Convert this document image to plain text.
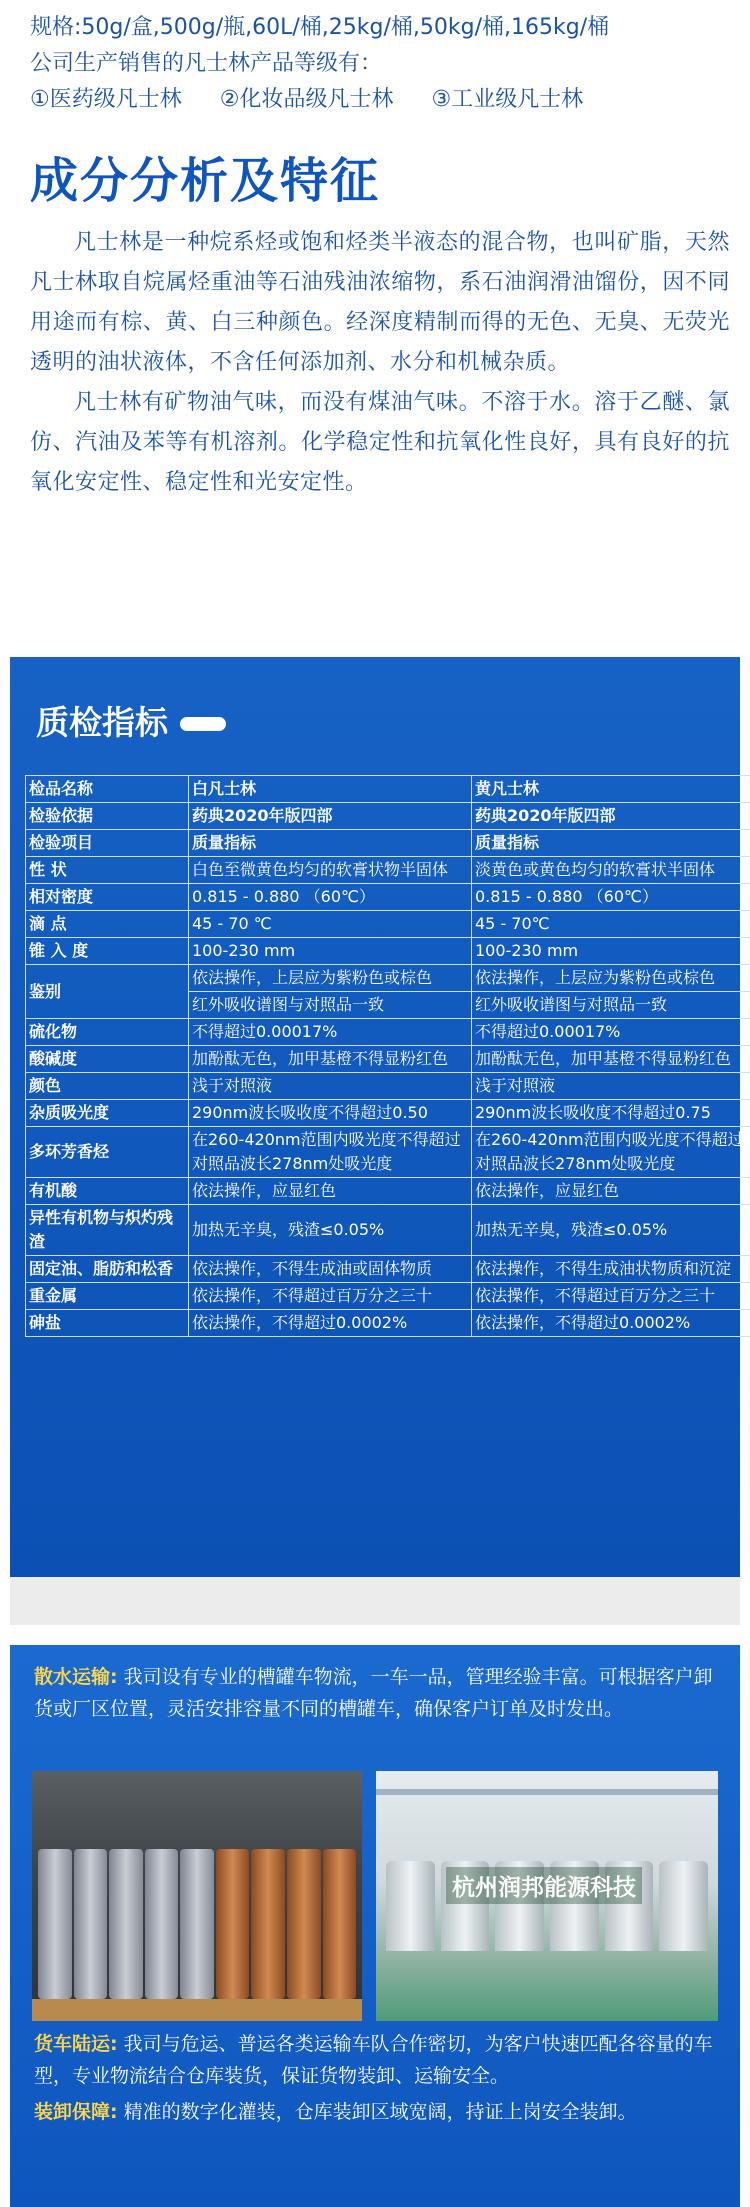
规格:50g/盒,500g/瓶,60L/桶,25kg/桶,50kg/桶,165kg/桶
公司生产销售的凡士林产品等级有：
①医药级凡士林 ②化妆品级凡士林 ③工业级凡士林
成分分析及特征

凡士林是一种烷系烃或饱和烃类半液态的混合物，也叫矿脂，天然凡士林取自烷属烃重油等石油残油浓缩物，系石油润滑油馏份，因不同用途而有棕、黄、白三种颜色。经深度精制而得的无色、无臭、无荧光透明的油状液体，不含任何添加剂、水分和机械杂质。

凡士林有矿物油气味，而没有煤油气味。不溶于水。溶于乙醚、氯仿、汽油及苯等有机溶剂。化学稳定性和抗氧化性良好，具有良好的抗氧化安定性、稳定性和光安定性。

质检指标
检品名称	白凡士林	黄凡士林
检验依据	药典2020年版四部	药典2020年版四部
检验项目	质量指标	质量指标
性 状	白色至微黄色均匀的软膏状物半固体	淡黄色或黄色均匀的软膏状半固体
相对密度	0.815 - 0.880 （60℃）	0.815 - 0.880 （60℃）
滴 点	45 - 70 ℃	45 - 70℃
锥 入 度	100-230 mm	100-230 mm
鉴别	依法操作，上层应为紫粉色或棕色	依法操作，上层应为紫粉色或棕色
	红外吸收谱图与对照品一致	红外吸收谱图与对照品一致
硫化物	不得超过0.00017%	不得超过0.00017%
酸碱度	加酚酞无色，加甲基橙不得显粉红色	加酚酞无色，加甲基橙不得显粉红色
颜色	浅于对照液	浅于对照液
杂质吸光度	290nm波长吸收度不得超过0.50	290nm波长吸收度不得超过0.75
多环芳香烃	在260-420nm范围内吸光度不得超过对照品波长278nm处吸光度	在260-420nm范围内吸光度不得超过对照品波长278nm处吸光度
有机酸	依法操作，应显红色	依法操作，应显红色
异性有机物与炽灼残渣	加热无辛臭，残渣≤0.05%	加热无辛臭，残渣≤0.05%
固定油、脂肪和松香	依法操作，不得生成油或固体物质	依法操作，不得生成油状物质和沉淀
重金属	依法操作，不得超过百万分之三十	依法操作，不得超过百万分之三十
砷盐	依法操作，不得超过0.0002%	依法操作，不得超过0.0002%

散水运输: 我司设有专业的槽罐车物流，一车一品，管理经验丰富。可根据客户卸货或厂区位置，灵活安排容量不同的槽罐车，确保客户订单及时发出。

杭州润邦能源科技

货车陆运: 我司与危运、普运各类运输车队合作密切，为客户快速匹配各容量的车型，专业物流结合仓库装货，保证货物装卸、运输安全。

装卸保障: 精准的数字化灌装，仓库装卸区域宽阔，持证上岗安全装卸。
